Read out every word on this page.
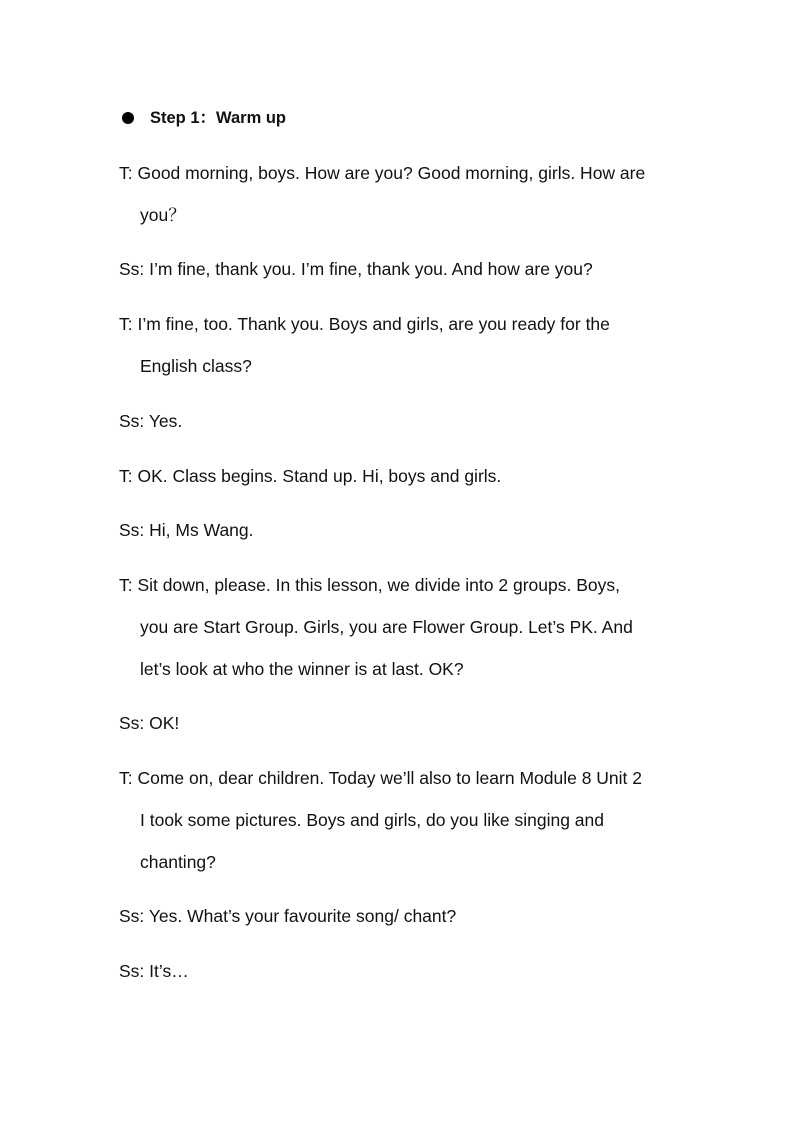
Step 1：Warm up
T: Good morning, boys. How are you? Good morning, girls. How are
you？
Ss: I’m fine, thank you. I’m fine, thank you. And how are you?
T: I’m fine, too. Thank you. Boys and girls, are you ready for the
English class?
Ss: Yes.
T: OK. Class begins. Stand up. Hi, boys and girls.
Ss: Hi, Ms Wang.
T: Sit down, please. In this lesson, we divide into 2 groups. Boys,
you are Start Group. Girls, you are Flower Group. Let’s PK. And
let’s look at who the winner is at last. OK?
Ss: OK!
T: Come on, dear children. Today we’ll also to learn Module 8 Unit 2
I took some pictures. Boys and girls, do you like singing and
chanting?
Ss: Yes. What’s your favourite song/ chant?
Ss: It’s…
